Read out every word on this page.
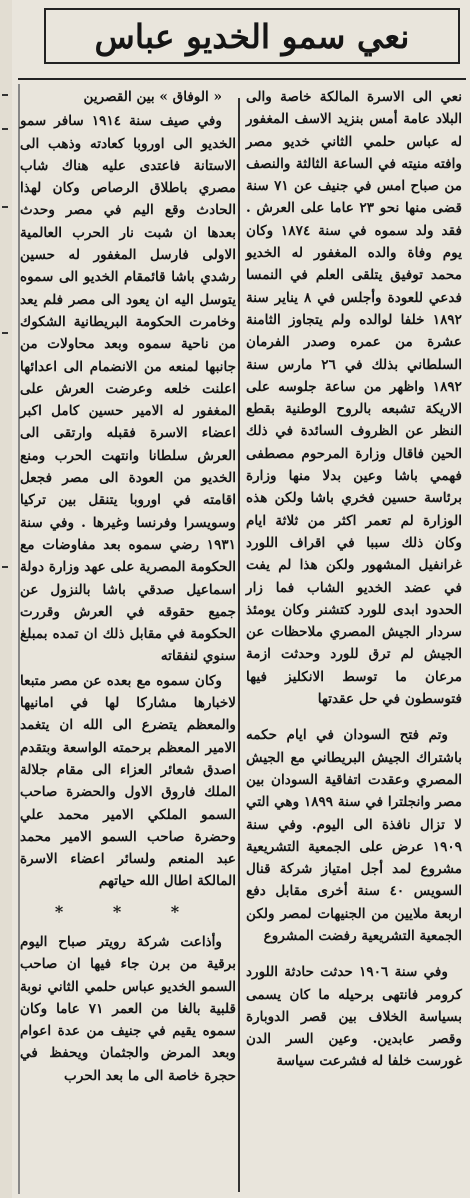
نعي سمو الخديو عباس

نعي الى الاسرة المالكة خاصة والى البلاد عامة أمس بنزيد الاسف المغفور له عباس حلمي الثاني خديو مصر وافته منيته في الساعة الثالثة والنصف من صباح امس في جنيف عن ٧١ سنة قضى منها نحو ٢٣ عاما على العرش . فقد ولد سموه في سنة ١٨٧٤ وكان يوم وفاة والده المغفور له الخديو محمد توفيق يتلقى العلم في النمسا فدعي للعودة وأجلس في ٨ يناير سنة ١٨٩٢ خلفا لوالده ولم يتجاوز الثامنة عشرة من عمره وصدر الفرمان السلطاني بذلك في ٢٦ مارس سنة ١٨٩٢ واظهر من ساعة جلوسه على الاريكة تشبعه بالروح الوطنية بقطع النظر عن الظروف السائدة في ذلك الحين فاقال وزارة المرحوم مصطفى فهمي باشا وعين بدلا منها وزارة برئاسة حسين فخري باشا ولكن هذه الوزارة لم تعمر اكثر من ثلاثة ايام وكان ذلك سببا في اقراف اللورد غرانفيل المشهور ولكن هذا لم يفت في عضد الخديو الشاب فما زار الحدود ابدى للورد كتشنر وكان يومئذ سردار الجيش المصري ملاحظات عن الجيش لم ترق للورد وحدثت ازمة مرعان ما توسط الانكليز فيها فتوسطون في حل عقدتها

وتم فتح السودان في ايام حكمه باشتراك الجيش البريطاني مع الجيش المصري وعقدت اتفاقية السودان بين مصر وانجلترا في سنة ١٨٩٩ وهي التي لا تزال نافذة الى اليوم. وفي سنة ١٩٠٩ عرض على الجمعية التشريعية مشروع لمد أجل امتياز شركة قنال السويس ٤٠ سنة أخرى مقابل دفع اربعة ملايين من الجنيهات لمصر ولكن الجمعية التشريعية رفضت المشروع

وفي سنة ١٩٠٦ حدثت حادثة اللورد كرومر فانتهى برحيله ما كان يسمى بسياسة الخلاف بين قصر الدوبارة وقصر عابدين. وعين السر الدن غورست خلفا له فشرعت سياسة

« الوفاق » بين القصرين

وفي صيف سنة ١٩١٤ سافر سمو الخديو الى اوروبا كعادته وذهب الى الاستانة فاعتدى عليه هناك شاب مصري باطلاق الرصاص وكان لهذا الحادث وقع اليم في مصر وحدث بعدها ان شبت نار الحرب العالمية الاولى فارسل المغفور له حسين رشدي باشا قائمقام الخديو الى سموه يتوسل اليه ان يعود الى مصر فلم يعد وخامرت الحكومة البريطانية الشكوك من ناحية سموه وبعد محاولات من جانبها لمنعه من الانضمام الى اعدائها اعلنت خلعه وعرضت العرش على المغفور له الامير حسين كامل اكبر اعضاء الاسرة فقبله وارتقى الى العرش سلطانا وانتهت الحرب ومنع الخديو من العودة الى مصر فجعل اقامته في اوروبا يتنقل بين تركيا وسويسرا وفرنسا وغيرها . وفي سنة ١٩٣١ رضي سموه بعد مفاوضات مع الحكومة المصرية على عهد وزارة دولة اسماعيل صدقي باشا بالنزول عن جميع حقوقه في العرش وقررت الحكومة في مقابل ذلك ان تمده بمبلغ سنوي لنفقاته

وكان سموه مع بعده عن مصر متبعا لاخبارها مشاركا لها في امانيها والمعظم يتضرع الى الله ان يتغمد الامير المعظم برحمته الواسعة وبتقدم اصدق شعائر العزاء الى مقام جلالة الملك فاروق الاول والحضرة صاحب السمو الملكي الامير محمد علي وحضرة صاحب السمو الامير محمد عبد المنعم ولسائر اعضاء الاسرة المالكة اطال الله حياتهم

* * *

وأذاعت شركة رويتر صباح اليوم برقية من برن جاء فيها ان صاحب السمو الخديو عباس حلمي الثاني نوبة قلبية بالغا من العمر ٧١ عاما وكان سموه يقيم في جنيف من عدة اعوام وبعد المرض والجثمان ويحفظ في حجرة خاصة الى ما بعد الحرب
